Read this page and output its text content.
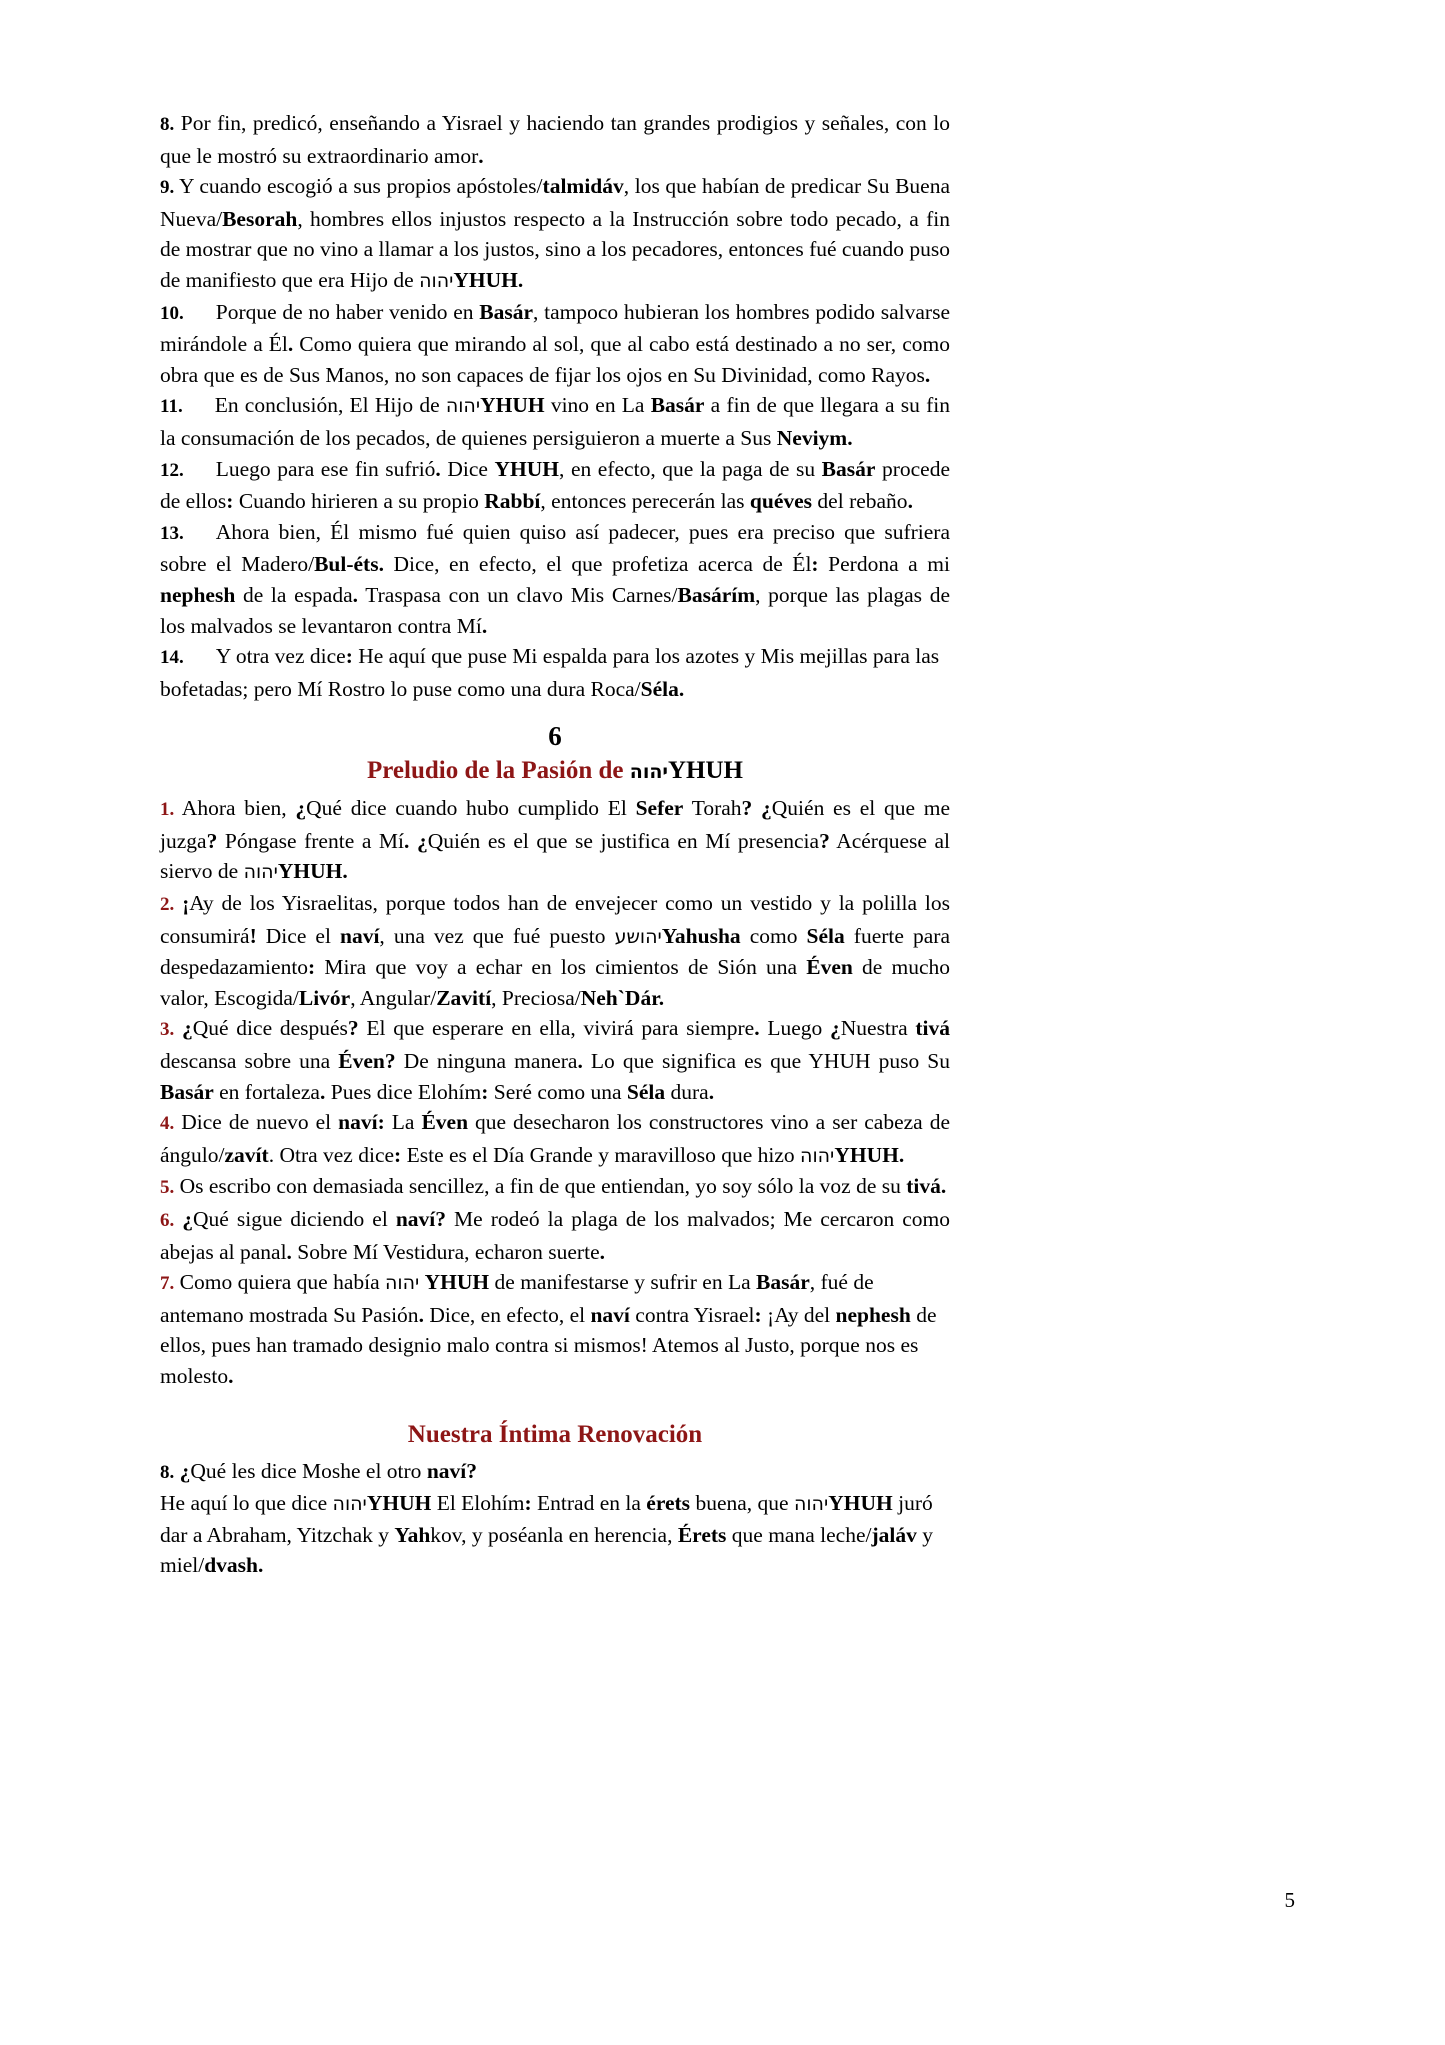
8. Por fin, predicó, enseñando a Yisrael y haciendo tan grandes prodigios y señales, con lo que le mostró su extraordinario amor.

9. Y cuando escogió a sus propios apóstoles/talmidáv, los que habían de predicar Su Buena Nueva/Besorah, hombres ellos injustos respecto a la Instrucción sobre todo pecado, a fin de mostrar que no vino a llamar a los justos, sino a los pecadores, entonces fué cuando puso de manifiesto que era Hijo de יהוהYHUH.

10. Porque de no haber venido en Basár, tampoco hubieran los hombres podido salvarse mirándole a Él. Como quiera que mirando al sol, que al cabo está destinado a no ser, como obra que es de Sus Manos, no son capaces de fijar los ojos en Su Divinidad, como Rayos.

11. En conclusión, El Hijo de יהוהYHUH vino en La Basár a fin de que llegara a su fin la consumación de los pecados, de quienes persiguieron a muerte a Sus Neviym.

12. Luego para ese fin sufrió. Dice YHUH, en efecto, que la paga de su Basár procede de ellos: Cuando hirieren a su propio Rabbí, entonces perecerán las quéves del rebaño.

13. Ahora bien, Él mismo fué quien quiso así padecer, pues era preciso que sufriera sobre el Madero/Bul-éts. Dice, en efecto, el que profetiza acerca de Él: Perdona a mi nephesh de la espada. Traspasa con un clavo Mis Carnes/Basárím, porque las plagas de los malvados se levantaron contra Mí.

14. Y otra vez dice: He aquí que puse Mi espalda para los azotes y Mis mejillas para las bofetadas; pero Mí Rostro lo puse como una dura Roca/Séla.

6
Preludio de la Pasión de יהוהYHUH

1. Ahora bien, ¿Qué dice cuando hubo cumplido El Sefer Torah? ¿Quién es el que me juzga? Póngase frente a Mí. ¿Quién es el que se justifica en Mí presencia? Acérquese al siervo de יהוהYHUH.

2. ¡Ay de los Yisraelitas, porque todos han de envejecer como un vestido y la polilla los consumirá! Dice el naví, una vez que fué puesto יהושעYahusha como Séla fuerte para despedazamiento: Mira que voy a echar en los cimientos de Sión una Éven de mucho valor, Escogida/Livór, Angular/Zavití, Preciosa/Neh`Dár.

3. ¿Qué dice después? El que esperare en ella, vivirá para siempre. Luego ¿Nuestra tivá descansa sobre una Éven? De ninguna manera. Lo que significa es que YHUH puso Su Basár en fortaleza. Pues dice Elohím: Seré como una Séla dura.

4. Dice de nuevo el naví: La Éven que desecharon los constructores vino a ser cabeza de ángulo/zavít. Otra vez dice: Este es el Día Grande y maravilloso que hizo יהוהYHUH.

5. Os escribo con demasiada sencillez, a fin de que entiendan, yo soy sólo la voz de su tivá.

6. ¿Qué sigue diciendo el naví? Me rodeó la plaga de los malvados; Me cercaron como abejas al panal. Sobre Mí Vestidura, echaron suerte.

7. Como quiera que había יהוה YHUH de manifestarse y sufrir en La Basár, fué de antemano mostrada Su Pasión. Dice, en efecto, el naví contra Yisrael: ¡Ay del nephesh de ellos, pues han tramado designio malo contra si mismos! Atemos al Justo, porque nos es molesto.

Nuestra Íntima Renovación

8. ¿Qué les dice Moshe el otro naví?

He aquí lo que dice יהוהYHUH El Elohím: Entrad en la érets buena, que יהוהYHUH juró dar a Abraham, Yitzchak y Yahkov, y poséanla en herencia, Érets que mana leche/jaláv y miel/dvash.

5
